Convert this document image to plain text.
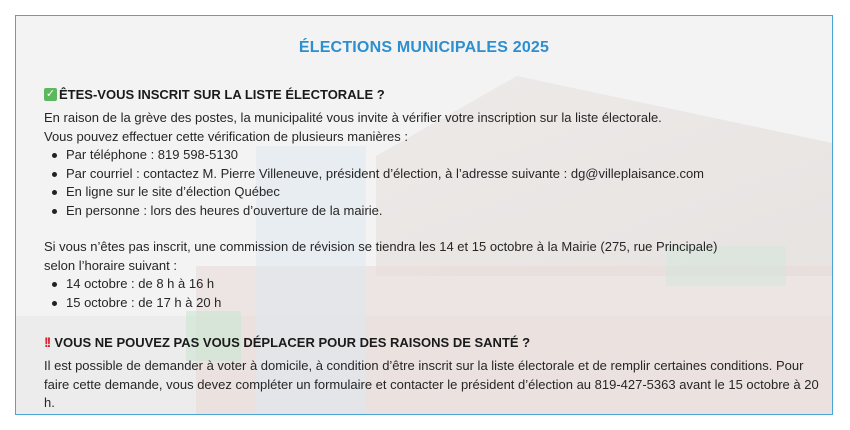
ÉLECTIONS MUNICIPALES 2025
✓ ÊTES-VOUS INSCRIT SUR LA LISTE ÉLECTORALE ?

En raison de la grève des postes, la municipalité vous invite à vérifier votre inscription sur la liste électorale.

Vous pouvez effectuer cette vérification de plusieurs manières :

Par téléphone : 819 598-5130
Par courriel : contactez M. Pierre Villeneuve, président d’élection, à l’adresse suivante : dg@villeplaisance.com
En ligne sur le site d’élection Québec
En personne : lors des heures d’ouverture de la mairie.

Si vous n’êtes pas inscrit, une commission de révision se tiendra les 14 et 15 octobre à la Mairie (275, rue Principale)

selon l’horaire suivant :

14 octobre : de 8 h à 16 h
15 octobre : de 17 h à 20 h
!! VOUS NE POUVEZ PAS VOUS DÉPLACER POUR DES RAISONS DE SANTÉ ?

Il est possible de demander à voter à domicile, à condition d’être inscrit sur la liste électorale et de remplir certaines conditions. Pour faire cette demande, vous devez compléter un formulaire et contacter le président d’élection au 819-427-5363 avant le 15 octobre à 20 h.
